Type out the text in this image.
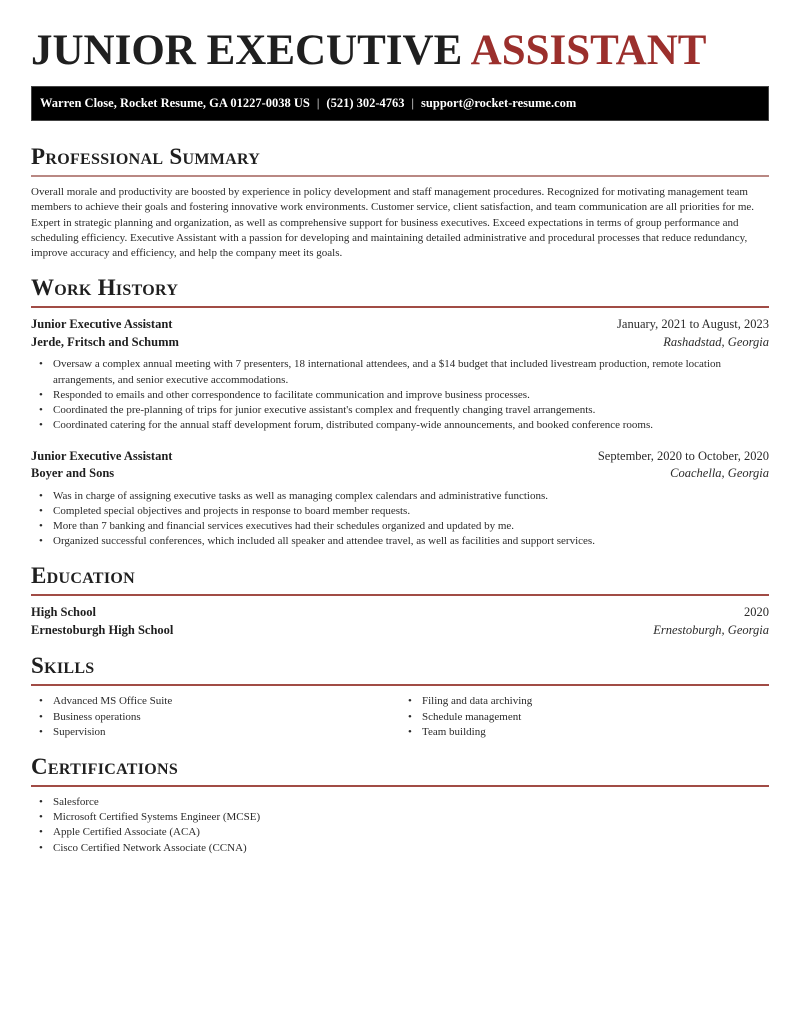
JUNIOR EXECUTIVE ASSISTANT
Warren Close, Rocket Resume, GA 01227-0038 US | (521) 302-4763 | support@rocket-resume.com
Professional Summary

Overall morale and productivity are boosted by experience in policy development and staff management procedures. Recognized for motivating management team members to achieve their goals and fostering innovative work environments. Customer service, client satisfaction, and team communication are all priorities for me. Expert in strategic planning and organization, as well as comprehensive support for business executives. Exceed expectations in terms of group performance and scheduling efficiency. Executive Assistant with a passion for developing and maintaining detailed administrative and procedural processes that reduce redundancy, improve accuracy and efficiency, and help the company meet its goals.

Work History
Junior Executive Assistant	January, 2021 to August, 2023
Jerde, Fritsch and Schumm	Rashadstad, Georgia
• Oversaw a complex annual meeting with 7 presenters, 18 international attendees, and a $14 budget that included livestream production, remote location arrangements, and senior executive accommodations.
• Responded to emails and other correspondence to facilitate communication and improve business processes.
• Coordinated the pre-planning of trips for junior executive assistant's complex and frequently changing travel arrangements.
• Coordinated catering for the annual staff development forum, distributed company-wide announcements, and booked conference rooms.
Junior Executive Assistant	September, 2020 to October, 2020
Boyer and Sons	Coachella, Georgia
• Was in charge of assigning executive tasks as well as managing complex calendars and administrative functions.
• Completed special objectives and projects in response to board member requests.
• More than 7 banking and financial services executives had their schedules organized and updated by me.
• Organized successful conferences, which included all speaker and attendee travel, as well as facilities and support services.
Education
High School	2020
Ernestoburgh High School	Ernestoburgh, Georgia
Skills
• Advanced MS Office Suite
• Business operations
• Supervision
• Filing and data archiving
• Schedule management
• Team building
Certifications
• Salesforce
• Microsoft Certified Systems Engineer (MCSE)
• Apple Certified Associate (ACA)
• Cisco Certified Network Associate (CCNA)
